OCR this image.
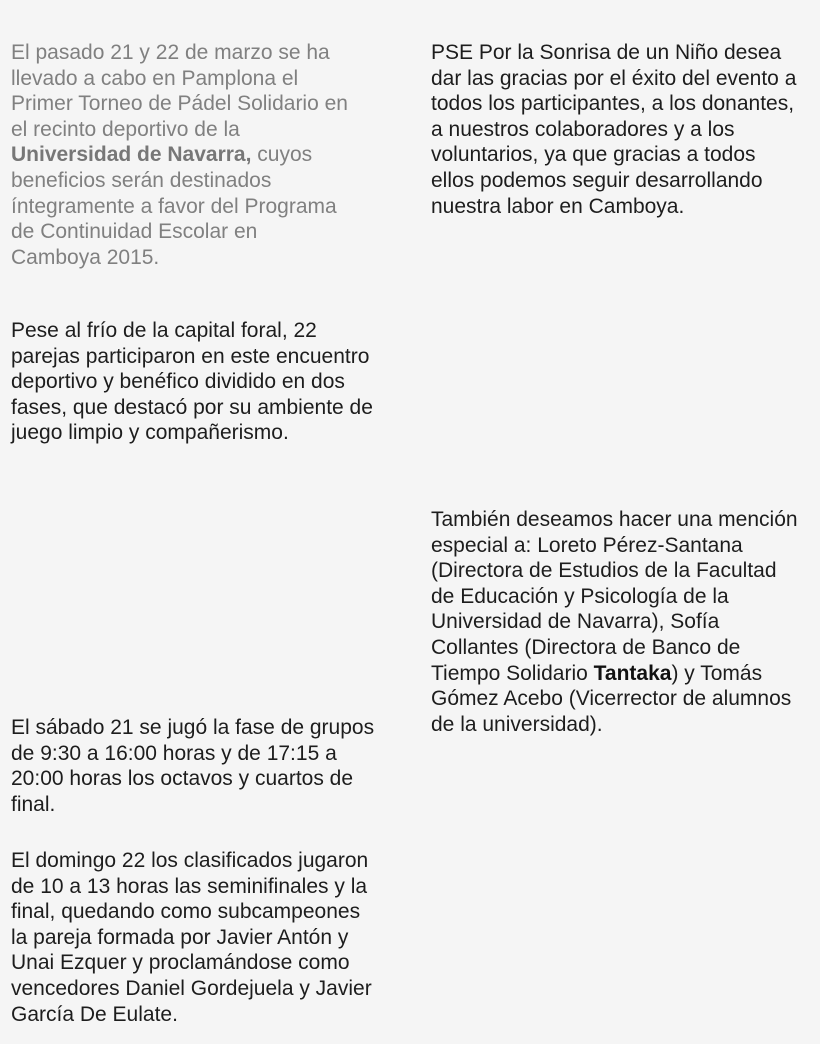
El pasado 21 y 22 de marzo se ha
llevado a cabo en Pamplona el
Primer Torneo de Pádel Solidario en
el recinto deportivo de la
Universidad de Navarra, cuyos
beneficios serán destinados
íntegramente a favor del Programa
de Continuidad Escolar en
Camboya 2015.

Pese al frío de la capital foral, 22
parejas participaron en este encuentro
deportivo y benéfico dividido en dos
fases, que destacó por su ambiente de
juego limpio y compañerismo.

El sábado 21 se jugó la fase de grupos
de 9:30 a 16:00 horas y de 17:15 a
20:00 horas los octavos y cuartos de
final.

El domingo 22 los clasificados jugaron
de 10 a 13 horas las seminifinales y la
final, quedando como subcampeones
la pareja formada por Javier Antón y
Unai Ezquer y proclamándose como
vencedores Daniel Gordejuela y Javier
García De Eulate.

PSE Por la Sonrisa de un Niño desea
dar las gracias por el éxito del evento a
todos los participantes, a los donantes,
a nuestros colaboradores y a los
voluntarios, ya que gracias a todos
ellos podemos seguir desarrollando
nuestra labor en Camboya.

También deseamos hacer una mención
especial a: Loreto Pérez-Santana
(Directora de Estudios de la Facultad
de Educación y Psicología de la
Universidad de Navarra), Sofía
Collantes (Directora de Banco de
Tiempo Solidario Tantaka) y Tomás
Gómez Acebo (Vicerrector de alumnos
de la universidad).
